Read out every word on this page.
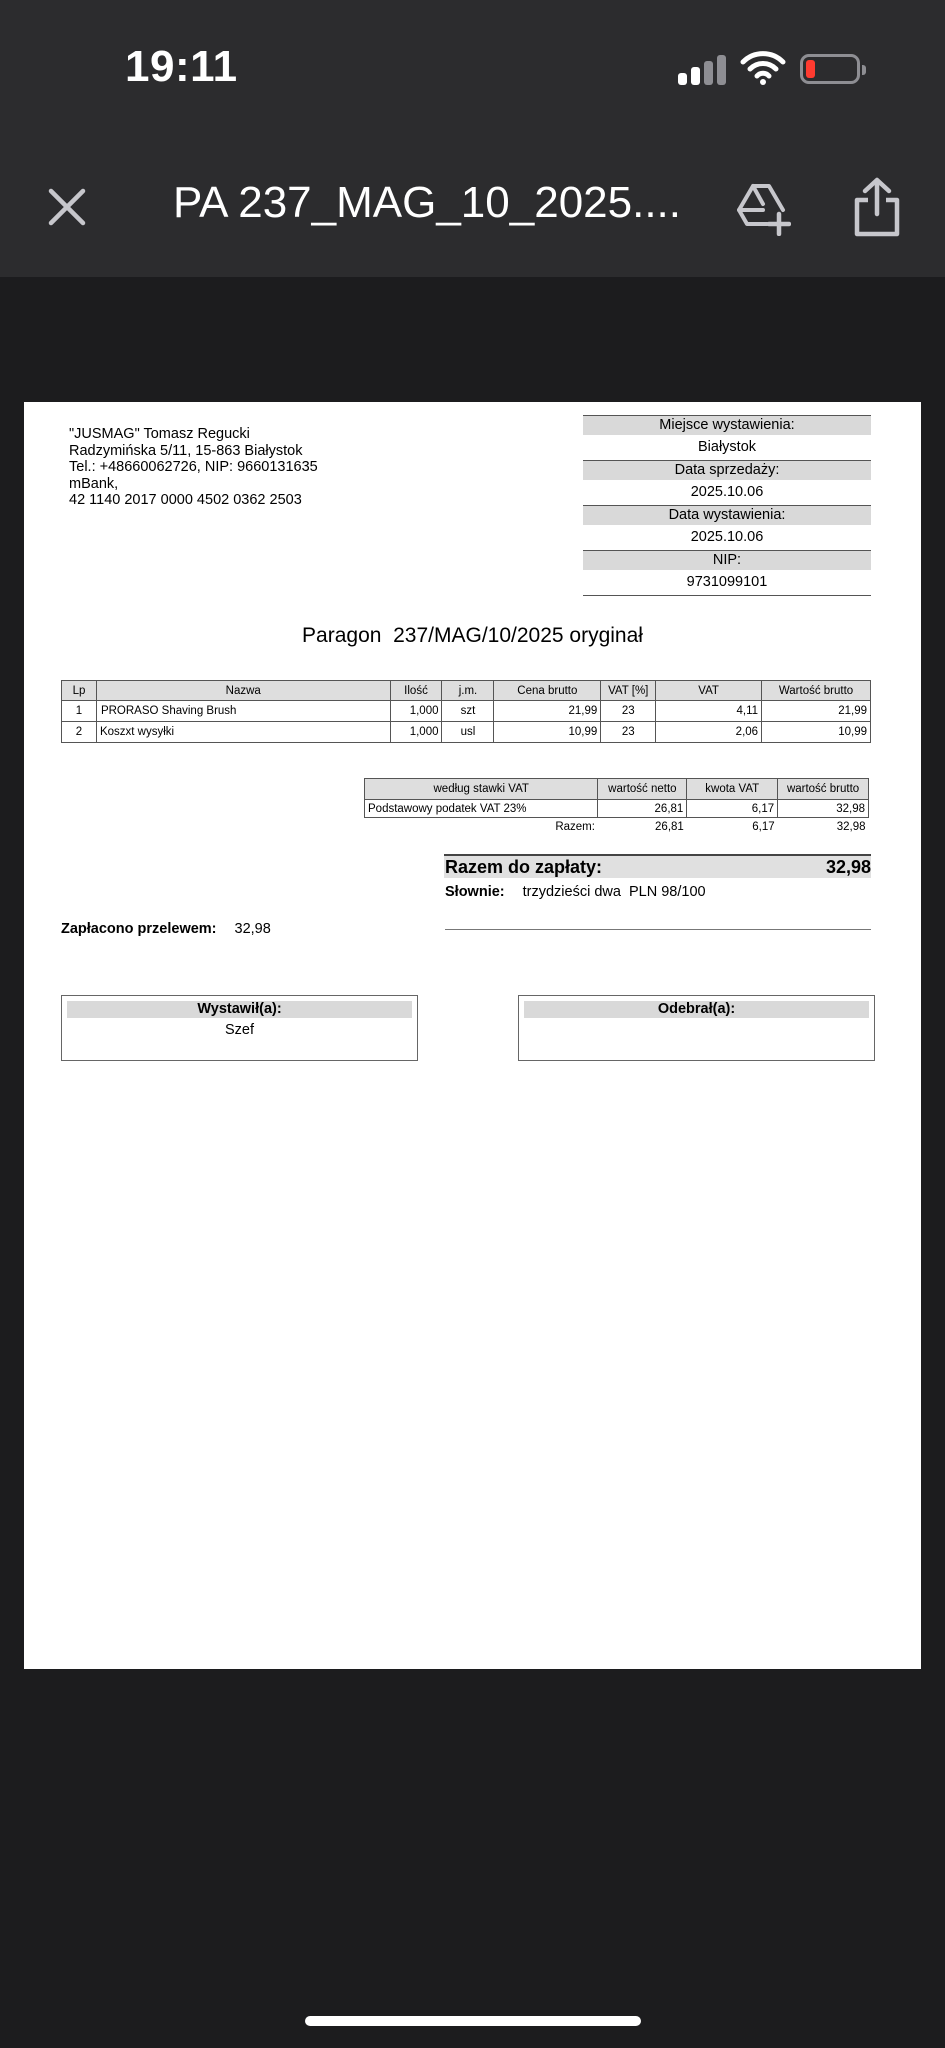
19:11
PA 237_MAG_10_2025....
"JUSMAG" Tomasz Regucki
Radzymińska 5/11, 15-863 Białystok
Tel.: +48660062726, NIP: 9660131635
mBank,
42 1140 2017 0000 4502 0362 2503
Miejsce wystawienia:
Białystok
Data sprzedaży:
2025.10.06
Data wystawienia:
2025.10.06
NIP:
9731099101
Paragon  237/MAG/10/2025 oryginał
Lp	Nazwa	Ilość	j.m.	Cena brutto	VAT [%]	VAT	Wartość brutto
1	PRORASO Shaving Brush	1,000	szt	21,99	23	4,11	21,99
2	Koszxt wysyłki	1,000	usl	10,99	23	2,06	10,99
według stawki VAT	wartość netto	kwota VAT	wartość brutto
Podstawowy podatek VAT 23%	26,81	6,17	32,98
Razem:	26,81	6,17	32,98
Razem do zapłaty:	32,98
Słownie: trzydzieści dwa  PLN 98/100
Zapłacono przelewem: 32,98
Wystawił(a):
Szef
Odebrał(a):
